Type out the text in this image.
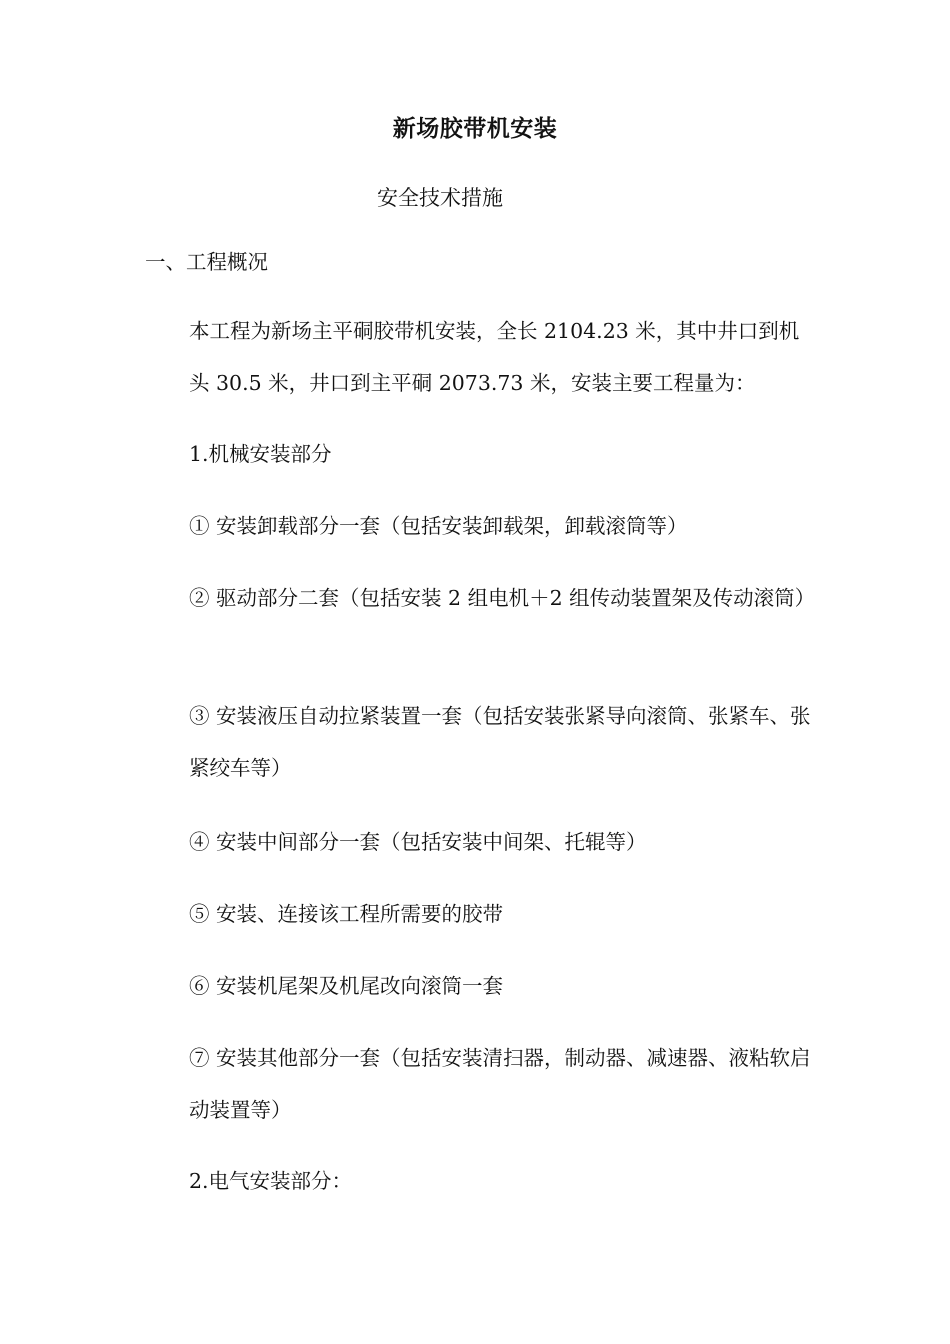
新场胶带机安装
安全技术措施
一、工程概况
本工程为新场主平硐胶带机安装，全长 2104.23 米，其中井口到机头 30.5 米，井口到主平硐 2073.73 米，安装主要工程量为：
1.机械安装部分
① 安装卸载部分一套（包括安装卸载架，卸载滚筒等）
② 驱动部分二套（包括安装 2 组电机＋2 组传动装置架及传动滚筒）
③ 安装液压自动拉紧装置一套（包括安装张紧导向滚筒、张紧车、张紧绞车等）
④ 安装中间部分一套（包括安装中间架、托辊等）
⑤ 安装、连接该工程所需要的胶带
⑥ 安装机尾架及机尾改向滚筒一套
⑦ 安装其他部分一套（包括安装清扫器，制动器、减速器、液粘软启动装置等）
2.电气安装部分：
